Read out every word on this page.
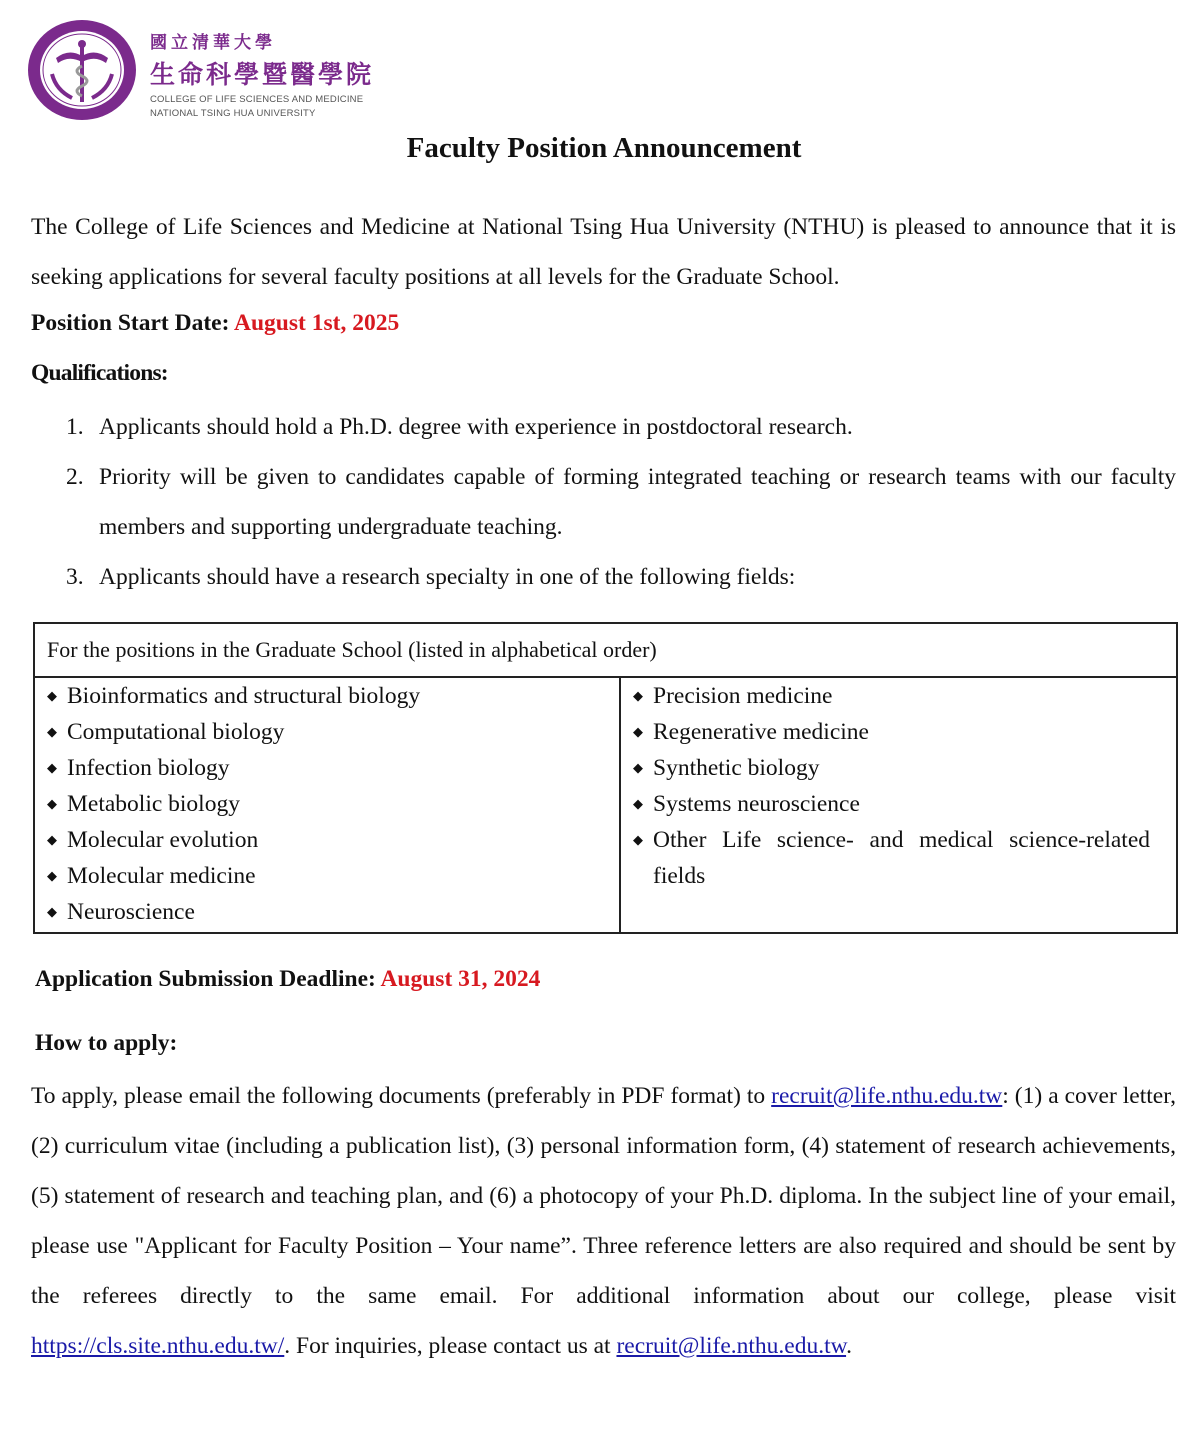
國立清華大學
生命科學暨醫學院
COLLEGE OF LIFE SCIENCES AND MEDICINE
NATIONAL TSING HUA UNIVERSITY
Faculty Position Announcement

The College of Life Sciences and Medicine at National Tsing Hua University (NTHU) is pleased to announce that it is seeking applications for several faculty positions at all levels for the Graduate School.

Position Start Date: August 1st, 2025
Qualifications:
1. Applicants should hold a Ph.D. degree with experience in postdoctoral research.
2. Priority will be given to candidates capable of forming integrated teaching or research teams with our faculty members and supporting undergraduate teaching.
3. Applicants should have a research specialty in one of the following fields:
For the positions in the Graduate School (listed in alphabetical order)

◆ Bioinformatics and structural biology
◆ Computational biology
◆ Infection biology
◆ Metabolic biology
◆ Molecular evolution
◆ Molecular medicine
◆ Neuroscience

◆ Precision medicine
◆ Regenerative medicine
◆ Synthetic biology
◆ Systems neuroscience
◆ Other Life science- and medical science-related fields
Application Submission Deadline: August 31, 2024
How to apply:

To apply, please email the following documents (preferably in PDF format) to recruit@life.nthu.edu.tw: (1) a cover letter, (2) curriculum vitae (including a publication list), (3) personal information form, (4) statement of research achievements, (5) statement of research and teaching plan, and (6) a photocopy of your Ph.D. diploma. In the subject line of your email, please use "Applicant for Faculty Position – Your name”. Three reference letters are also required and should be sent by the referees directly to the same email. For additional information about our college, please visit https://cls.site.nthu.edu.tw/. For inquiries, please contact us at recruit@life.nthu.edu.tw.
